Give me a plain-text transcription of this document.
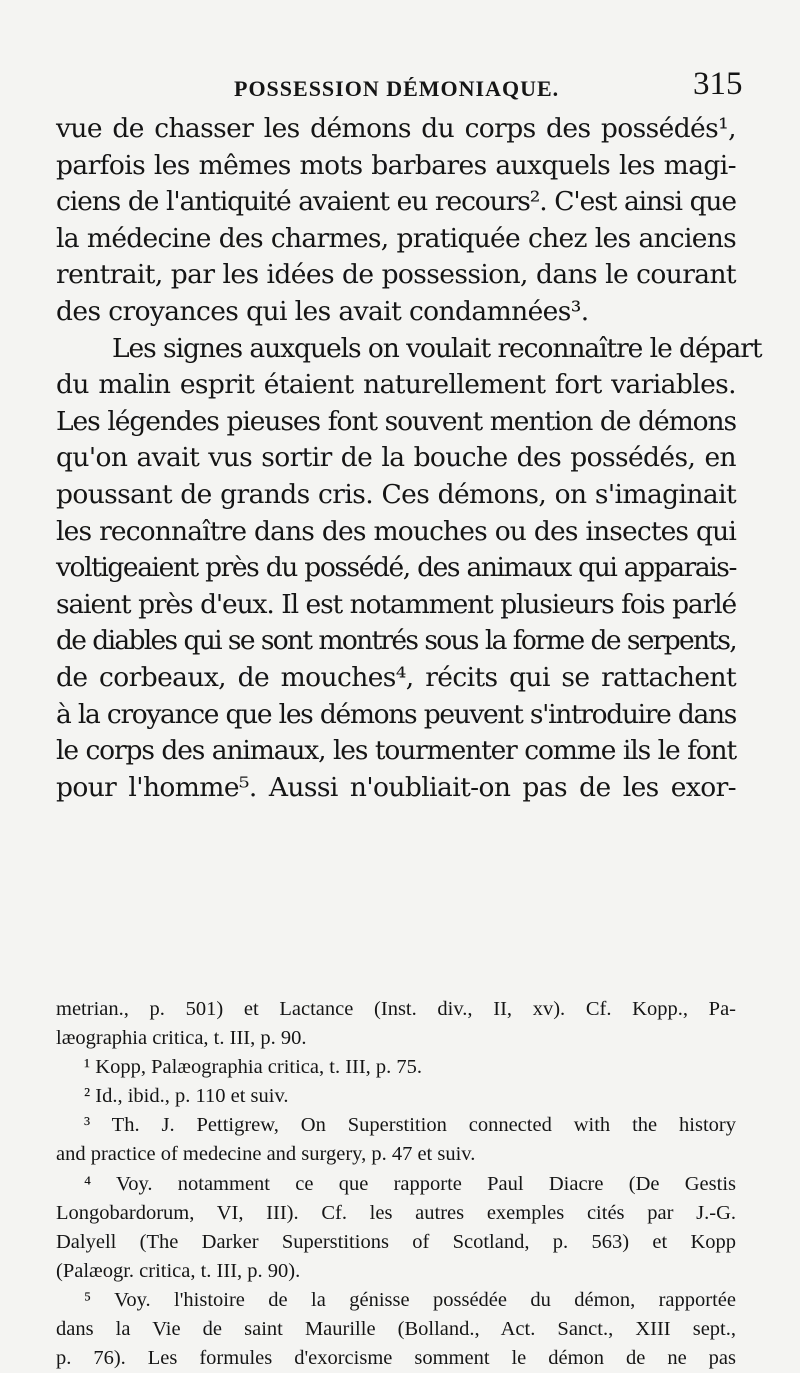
POSSESSION DÉMONIAQUE.	315
vue de chasser les démons du corps des possédés¹,
parfois les mêmes mots barbares auxquels les magi-
ciens de l'antiquité avaient eu recours². C'est ainsi que
la médecine des charmes, pratiquée chez les anciens
rentrait, par les idées de possession, dans le courant
des croyances qui les avait condamnées³.
Les signes auxquels on voulait reconnaître le départ
du malin esprit étaient naturellement fort variables.
Les légendes pieuses font souvent mention de démons
qu'on avait vus sortir de la bouche des possédés, en
poussant de grands cris. Ces démons, on s'imaginait
les reconnaître dans des mouches ou des insectes qui
voltigeaient près du possédé, des animaux qui apparais-
saient près d'eux. Il est notamment plusieurs fois parlé
de diables qui se sont montrés sous la forme de serpents,
de corbeaux, de mouches⁴, récits qui se rattachent
à la croyance que les démons peuvent s'introduire dans
le corps des animaux, les tourmenter comme ils le font
pour l'homme⁵. Aussi n'oubliait-on pas de les exor-
metrian., p. 501) et Lactance (Inst. div., II, xv). Cf. Kopp., Pa-
læographia critica, t. III, p. 90.
¹ Kopp, Palæographia critica, t. III, p. 75.
² Id., ibid., p. 110 et suiv.
³ Th. J. Pettigrew, On Superstition connected with the history
and practice of medecine and surgery, p. 47 et suiv.
⁴ Voy. notamment ce que rapporte Paul Diacre (De Gestis
Longobardorum, VI, III). Cf. les autres exemples cités par J.-G.
Dalyell (The Darker Superstitions of Scotland, p. 563) et Kopp
(Palæogr. critica, t. III, p. 90).
⁵ Voy. l'histoire de la génisse possédée du démon, rapportée
dans la Vie de saint Maurille (Bolland., Act. Sanct., XIII sept.,
p. 76). Les formules d'exorcisme somment le démon de ne pas
